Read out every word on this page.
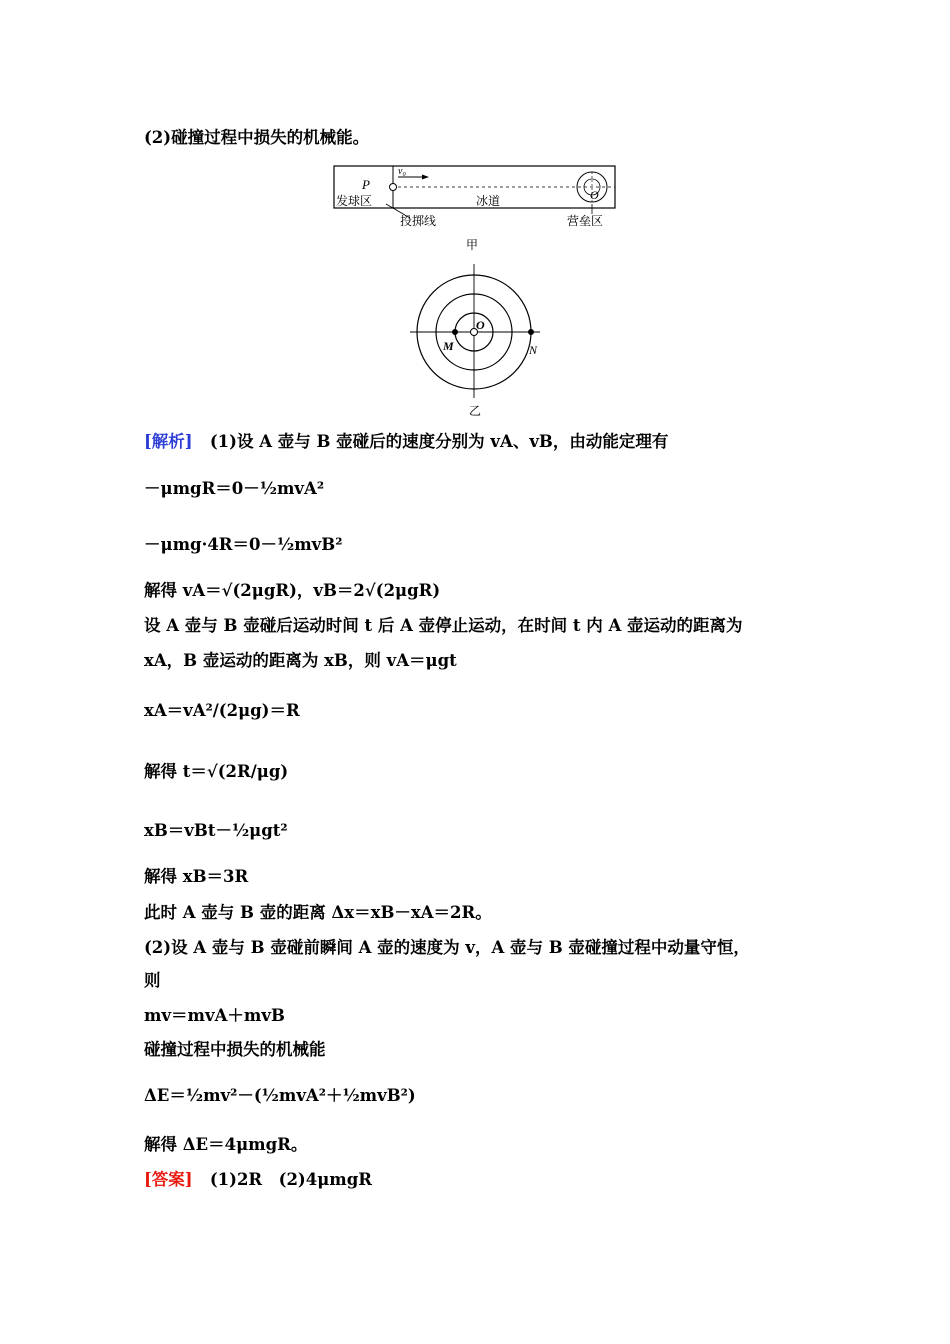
(2)碰撞过程中损失的机械能。
P
v₀
发球区	冰道
投掷线	营垒区
O
甲
O
M	N
乙
[解析] (1)设 A 壶与 B 壶碰后的速度分别为 vA、vB，由动能定理有
－μmgR＝0－½mvA²
－μmg·4R＝0－½mvB²
解得 vA＝√(2μgR)，vB＝2√(2μgR)
设 A 壶与 B 壶碰后运动时间 t 后 A 壶停止运动，在时间 t 内 A 壶运动的距离为
xA，B 壶运动的距离为 xB，则 vA＝μgt
xA＝vA²/(2μg)＝R
解得 t＝√(2R/μg)
xB＝vBt－½μgt²
解得 xB＝3R
此时 A 壶与 B 壶的距离 Δx＝xB－xA＝2R。
(2)设 A 壶与 B 壶碰前瞬间 A 壶的速度为 v，A 壶与 B 壶碰撞过程中动量守恒，
则
mv＝mvA＋mvB
碰撞过程中损失的机械能
ΔE＝½mv²－(½mvA²＋½mvB²)
解得 ΔE＝4μmgR。
[答案] (1)2R　(2)4μmgR
